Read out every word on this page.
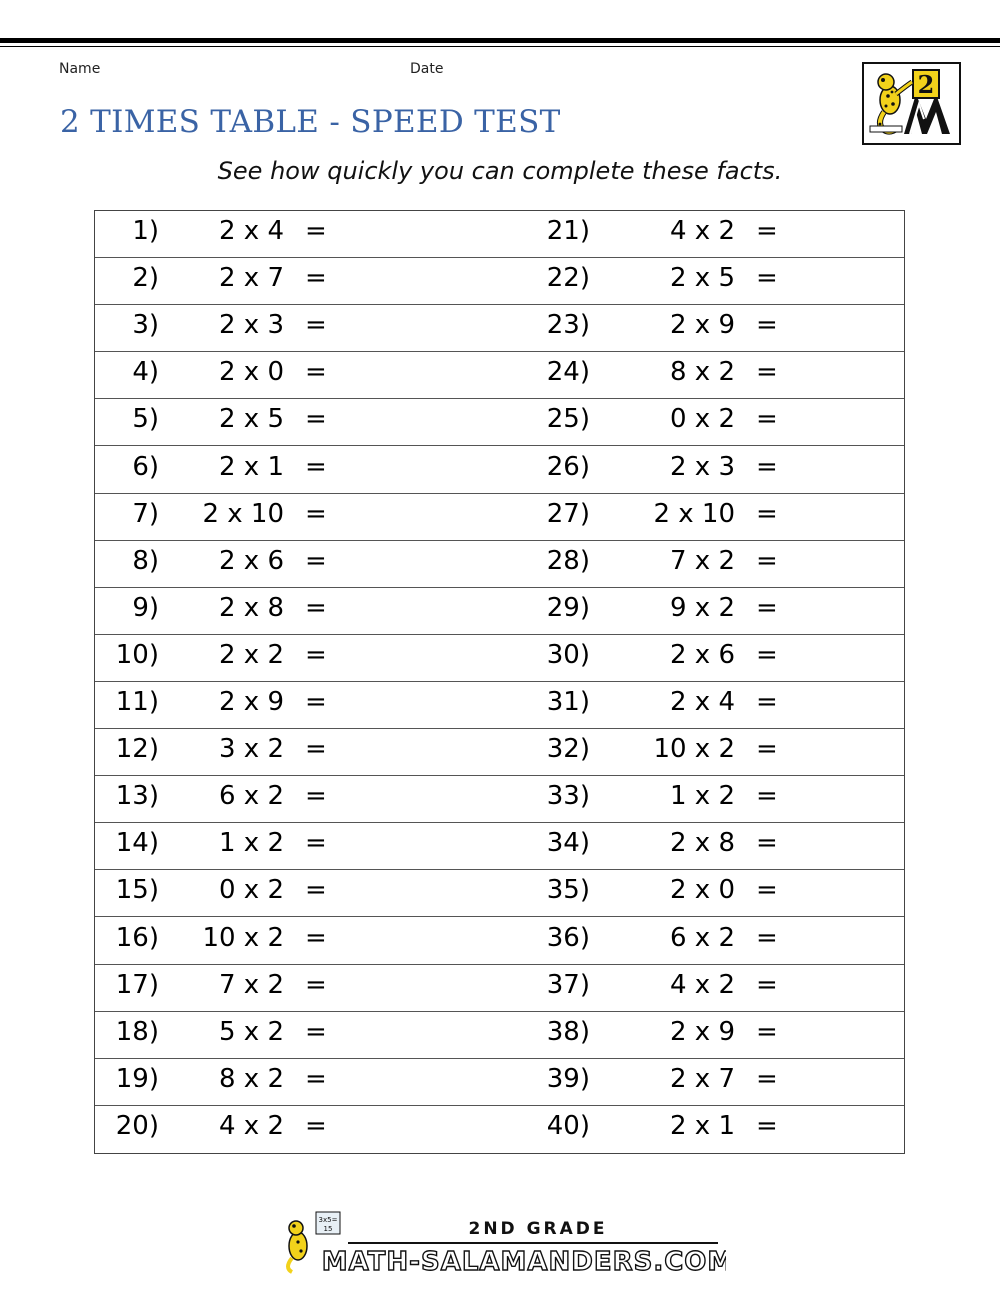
Name	Date
2 TIMES TABLE - SPEED TEST
See how quickly you can complete these facts.
2
1)	2 x 4 =	21)	4 x 2 =
2)	2 x 7 =	22)	2 x 5 =
3)	2 x 3 =	23)	2 x 9 =
4)	2 x 0 =	24)	8 x 2 =
5)	2 x 5 =	25)	0 x 2 =
6)	2 x 1 =	26)	2 x 3 =
7)	2 x 10 =	27)	2 x 10 =
8)	2 x 6 =	28)	7 x 2 =
9)	2 x 8 =	29)	9 x 2 =
10)	2 x 2 =	30)	2 x 6 =
11)	2 x 9 =	31)	2 x 4 =
12)	3 x 2 =	32)	10 x 2 =
13)	6 x 2 =	33)	1 x 2 =
14)	1 x 2 =	34)	2 x 8 =
15)	0 x 2 =	35)	2 x 0 =
16)	10 x 2 =	36)	6 x 2 =
17)	7 x 2 =	37)	4 x 2 =
18)	5 x 2 =	38)	2 x 9 =
19)	8 x 2 =	39)	2 x 7 =
20)	4 x 2 =	40)	2 x 1 =
3x5=
15	2ND GRADE
MATH-SALAMANDERS.COM
